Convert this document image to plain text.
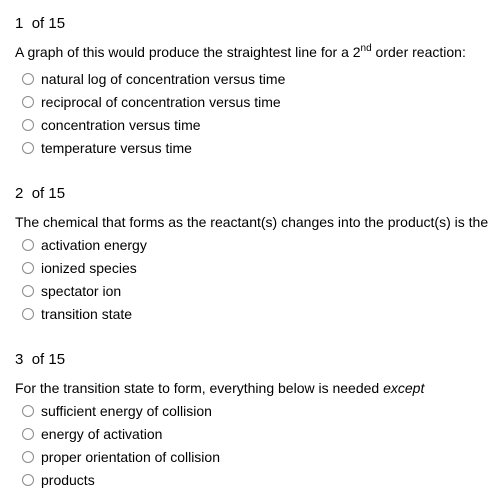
1 of 15
A graph of this would produce the straightest line for a 2nd order reaction:
natural log of concentration versus time
reciprocal of concentration versus time
concentration versus time
temperature versus time
2 of 15
The chemical that forms as the reactant(s) changes into the product(s) is the
activation energy
ionized species
spectator ion
transition state
3 of 15
For the transition state to form, everything below is needed except
sufficient energy of collision
energy of activation
proper orientation of collision
products
